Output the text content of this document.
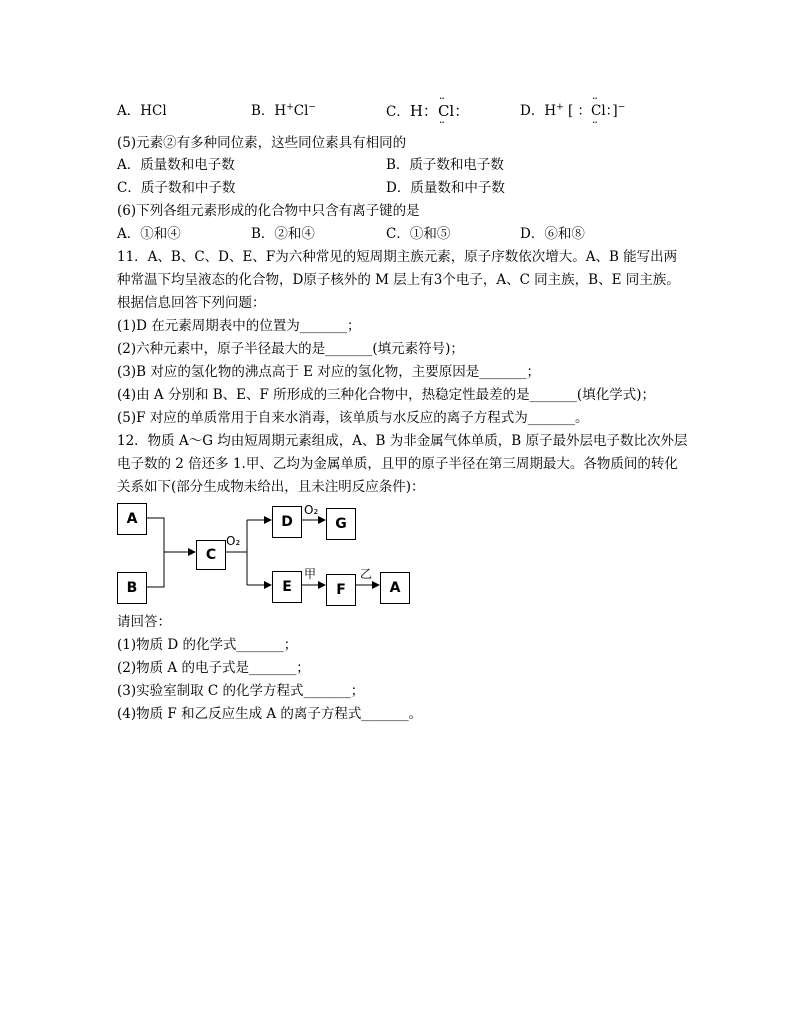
A．HCl	B．H+Cl−	C．H：·· Cl ··：	D．H+ [ ：·· Cl ··：]−
(5)元素②有多种同位素，这些同位素具有相同的
A．质量数和电子数	B．质子数和电子数
C．质子数和中子数	D．质量数和中子数
(6)下列各组元素形成的化合物中只含有离子键的是
A．①和④	B．②和④	C．①和⑤	D．⑥和⑧
11．A、B、C、D、E、F为六种常见的短周期主族元素，原子序数依次增大。A、B 能写出两
种常温下均呈液态的化合物，D原子核外的 M 层上有3个电子，A、C 同主族，B、E 同主族。
根据信息回答下列问题：
(1)D 在元素周期表中的位置为_______；
(2)六种元素中，原子半径最大的是_______(填元素符号)；
(3)B 对应的氢化物的沸点高于 E 对应的氢化物，主要原因是_______；
(4)由 A 分别和 B、E、F 所形成的三种化合物中，热稳定性最差的是_______(填化学式)；
(5)F 对应的单质常用于自来水消毒，该单质与水反应的离子方程式为_______。
12．物质 A～G 均由短周期元素组成，A、B 为非金属气体单质，B 原子最外层电子数比次外层
电子数的 2 倍还多 1.甲、乙均为金属单质，且甲的原子半径在第三周期最大。各物质间的转化
关系如下(部分生成物未给出，且未注明反应条件)：
A
B
C
D	G
E	F	A
O₂
O₂
甲	乙
请回答：
(1)物质 D 的化学式_______；
(2)物质 A 的电子式是_______；
(3)实验室制取 C 的化学方程式_______；
(4)物质 F 和乙反应生成 A 的离子方程式_______。
